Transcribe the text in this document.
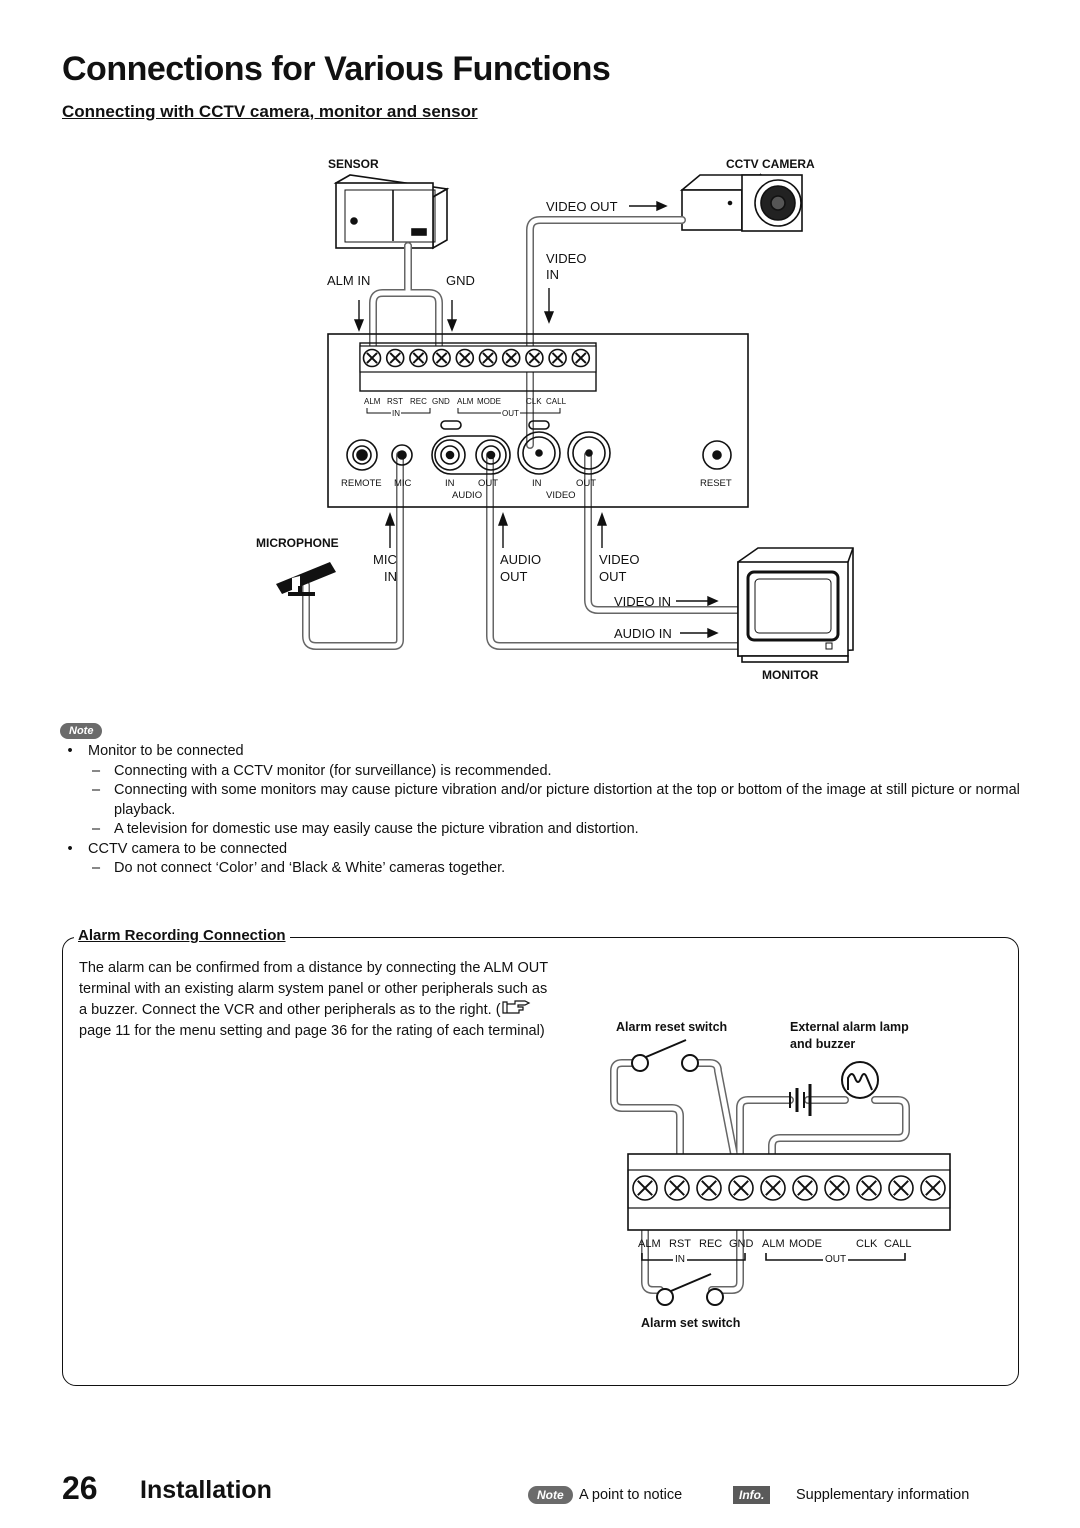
Connections for Various Functions
Connecting with CCTV camera, monitor and sensor
SENSOR	CCTV CAMERA
VIDEO OUT
VIDEO
IN
ALM IN	GND
ALM RST REC GND ALM MODE	CLK CALL
IN	OUT
REMOTE MIC	IN OUT
AUDIO
IN	OUT
VIDEO
RESET
MICROPHONE
MIC
IN
AUDIO
OUT
VIDEO
OUT
VIDEO IN
AUDIO IN
MONITOR
Note
•	Monitor to be connected
– Connecting with a CCTV monitor (for surveillance) is recommended.
– Connecting with some monitors may cause picture vibration and/or picture distortion at the top or bottom of the image at still picture or normal playback.
– A television for domestic use may easily cause the picture vibration and distortion.
•	CCTV camera to be connected
– Do not connect ‘Color’ and ‘Black & White’ cameras together.
Alarm Recording Connection
The alarm can be confirmed from a distance by connecting the ALM OUT terminal with an existing alarm system panel or other peripherals such as a buzzer. Connect the VCR and other peripherals as to the right. ( page 11 for the menu setting and page 36 for the rating of each terminal)	Alarm reset switch	External alarm lamp
and buzzer
ALM RST REC GND ALM MODE	CLK CALL
IN	OUT
Alarm set switch
26 Installation	Note	A point to notice	Info.	Supplementary information
